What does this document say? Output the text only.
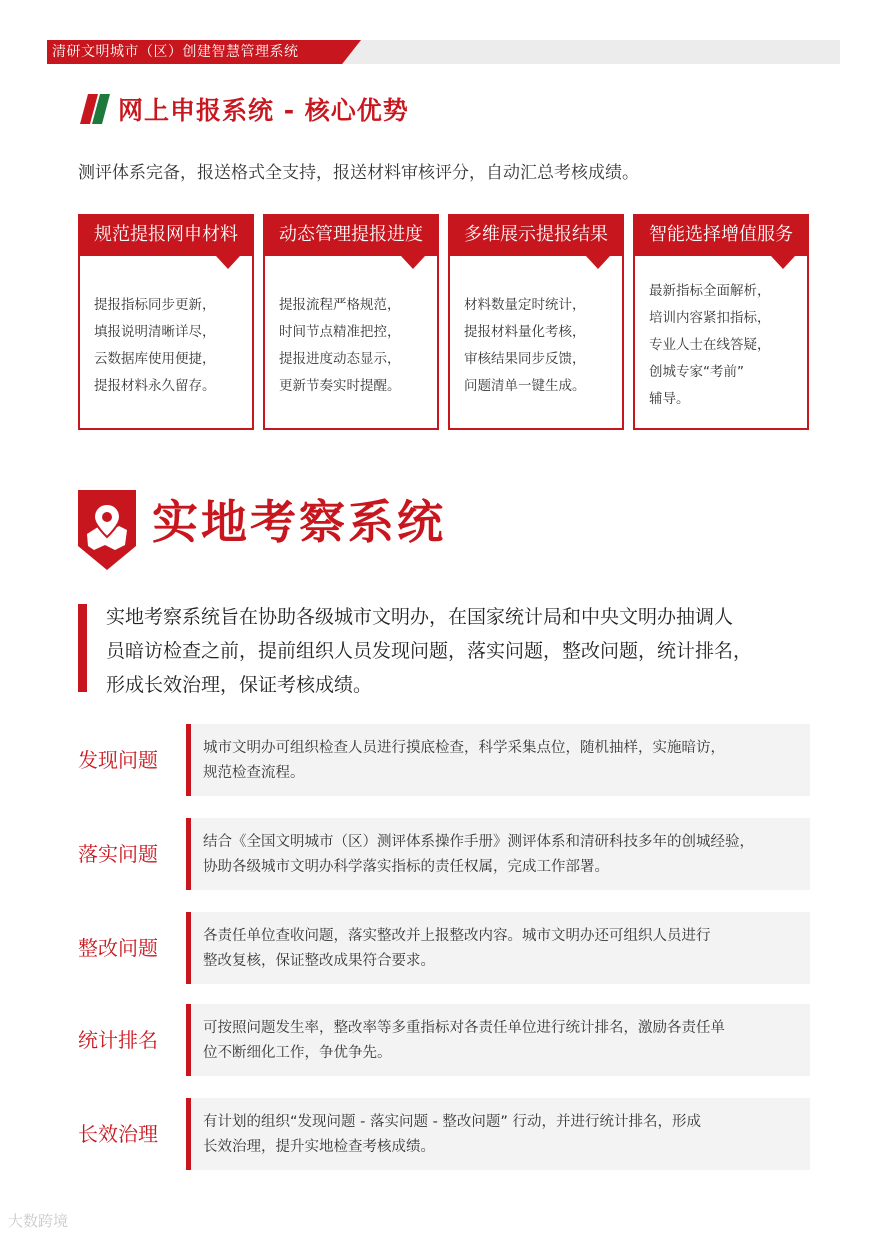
清研文明城市（区）创建智慧管理系统
网上申报系统 - 核心优势
测评体系完备，报送格式全支持，报送材料审核评分，自动汇总考核成绩。
规范提报网申材料
提报指标同步更新，
填报说明清晰详尽，
云数据库使用便捷，
提报材料永久留存。
动态管理提报进度
提报流程严格规范，
时间节点精准把控，
提报进度动态显示，
更新节奏实时提醒。
多维展示提报结果
材料数量定时统计，
提报材料量化考核，
审核结果同步反馈，
问题清单一键生成。
智能选择增值服务
最新指标全面解析，
培训内容紧扣指标，
专业人士在线答疑，
创城专家“考前”
辅导。
实地考察系统
实地考察系统旨在协助各级城市文明办，在国家统计局和中央文明办抽调人
员暗访检查之前，提前组织人员发现问题，落实问题，整改问题，统计排名，
形成长效治理，保证考核成绩。
发现问题	城市文明办可组织检查人员进行摸底检查，科学采集点位，随机抽样，实施暗访，
规范检查流程。
落实问题	结合《全国文明城市（区）测评体系操作手册》测评体系和清研科技多年的创城经验，
协助各级城市文明办科学落实指标的责任权属，完成工作部署。
整改问题	各责任单位查收问题，落实整改并上报整改内容。城市文明办还可组织人员进行
整改复核，保证整改成果符合要求。
统计排名	可按照问题发生率，整改率等多重指标对各责任单位进行统计排名，激励各责任单
位不断细化工作，争优争先。
长效治理	有计划的组织“发现问题 - 落实问题 - 整改问题” 行动，并进行统计排名，形成
长效治理，提升实地检查考核成绩。
大数跨境
